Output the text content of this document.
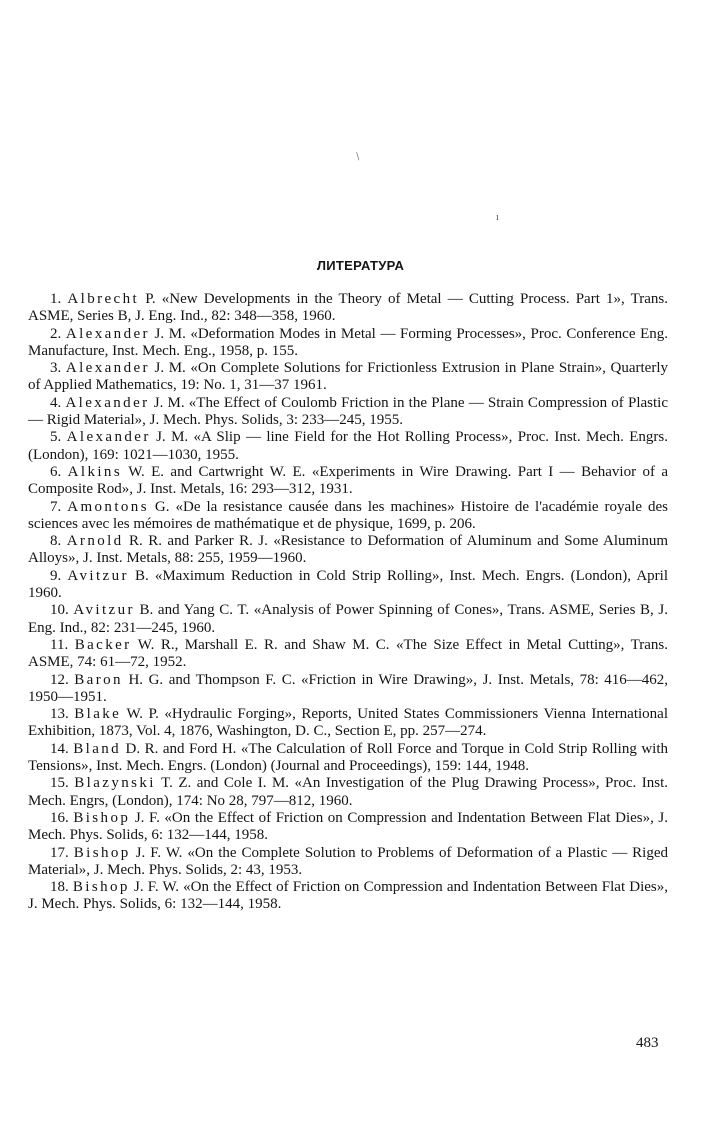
/
ı
ЛИТЕРАТУРА

1. Albrecht P. «New Developments in the Theory of Metal — Cutting Process. Part 1», Trans. ASME, Series B, J. Eng. Ind., 82: 348—358, 1960.

2. Alexander J. M. «Deformation Modes in Metal — Forming Processes», Proc. Conference Eng. Manufacture, Inst. Mech. Eng., 1958, p. 155.

3. Alexander J. M. «On Complete Solutions for Frictionless Extrusion in Plane Strain», Quarterly of Applied Mathematics, 19: No. 1, 31—37 1961.

4. Alexander J. M. «The Effect of Coulomb Friction in the Plane — Strain Compression of Plastic — Rigid Material», J. Mech. Phys. Solids, 3: 233—245, 1955.

5. Alexander J. M. «A Slip — line Field for the Hot Rolling Process», Proc. Inst. Mech. Engrs. (London), 169: 1021—1030, 1955.

6. Alkins W. E. and Cartwright W. E. «Experiments in Wire Drawing. Part I — Behavior of a Composite Rod», J. Inst. Metals, 16: 293—312, 1931.

7. Amontons G. «De la resistance causée dans les machines» Histoire de l'académie royale des sciences avec les mémoires de mathématique et de physique, 1699, p. 206.

8. Arnold R. R. and Parker R. J. «Resistance to Deformation of Aluminum and Some Aluminum Alloys», J. Inst. Metals, 88: 255, 1959—1960.

9. Avitzur B. «Maximum Reduction in Cold Strip Rolling», Inst. Mech. Engrs. (London), April 1960.

10. Avitzur B. and Yang C. T. «Analysis of Power Spinning of Cones», Trans. ASME, Series B, J. Eng. Ind., 82: 231—245, 1960.

11. Backer W. R., Marshall E. R. and Shaw M. C. «The Size Effect in Metal Cutting», Trans. ASME, 74: 61—72, 1952.

12. Baron H. G. and Thompson F. C. «Friction in Wire Drawing», J. Inst. Metals, 78: 416—462, 1950—1951.

13. Blake W. P. «Hydraulic Forging», Reports, United States Commissioners Vienna International Exhibition, 1873, Vol. 4, 1876, Washington, D. C., Section E, pp. 257—274.

14. Bland D. R. and Ford H. «The Calculation of Roll Force and Torque in Cold Strip Rolling with Tensions», Inst. Mech. Engrs. (London) (Journal and Proceedings), 159: 144, 1948.

15. Blazynski T. Z. and Cole I. M. «An Investigation of the Plug Drawing Process», Proc. Inst. Mech. Engrs, (London), 174: No 28, 797—812, 1960.

16. Bishop J. F. «On the Effect of Friction on Compression and Indentation Between Flat Dies», J. Mech. Phys. Solids, 6: 132—144, 1958.

17. Bishop J. F. W. «On the Complete Solution to Problems of Deformation of a Plastic — Riged Material», J. Mech. Phys. Solids, 2: 43, 1953.

18. Bishop J. F. W. «On the Effect of Friction on Compression and Indentation Between Flat Dies», J. Mech. Phys. Solids, 6: 132—144, 1958.

483
